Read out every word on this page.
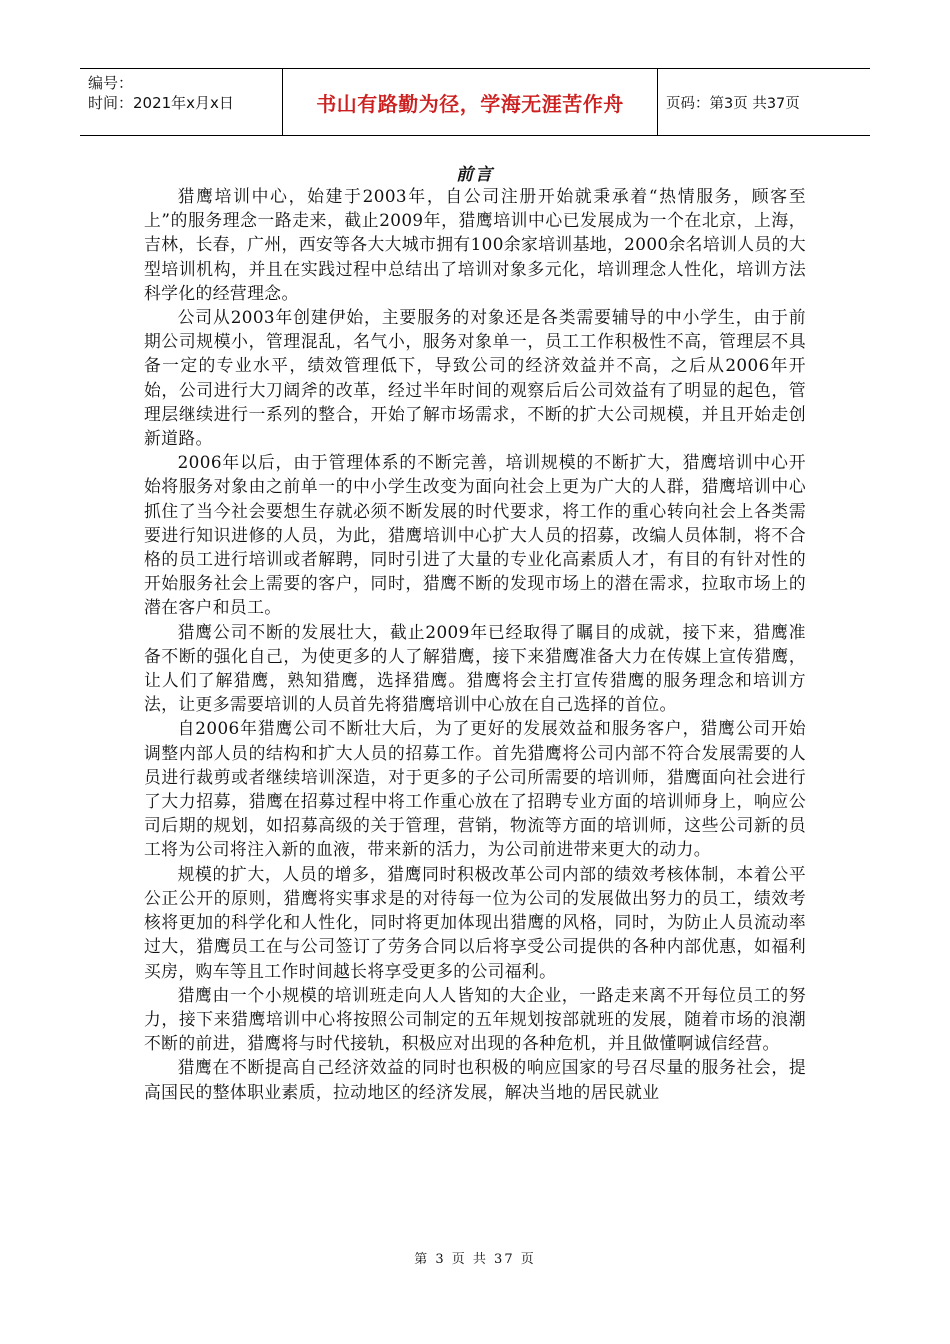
编号：
时间：2021年x月x日	书山有路勤为径，学海无涯苦作舟	页码：第3页 共37页
前言

猎鹰培训中心，始建于2003年，自公司注册开始就秉承着“热情服务，顾客至上”的服务理念一路走来，截止2009年，猎鹰培训中心已发展成为一个在北京，上海，吉林，长春，广州，西安等各大大城市拥有100余家培训基地，2000余名培训人员的大型培训机构，并且在实践过程中总结出了培训对象多元化，培训理念人性化，培训方法科学化的经营理念。

公司从2003年创建伊始，主要服务的对象还是各类需要辅导的中小学生，由于前期公司规模小，管理混乱，名气小，服务对象单一，员工工作积极性不高，管理层不具备一定的专业水平，绩效管理低下，导致公司的经济效益并不高，之后从2006年开始，公司进行大刀阔斧的改革，经过半年时间的观察后后公司效益有了明显的起色，管理层继续进行一系列的整合，开始了解市场需求，不断的扩大公司规模，并且开始走创新道路。

2006年以后，由于管理体系的不断完善，培训规模的不断扩大，猎鹰培训中心开始将服务对象由之前单一的中小学生改变为面向社会上更为广大的人群，猎鹰培训中心抓住了当今社会要想生存就必须不断发展的时代要求，将工作的重心转向社会上各类需要进行知识进修的人员，为此，猎鹰培训中心扩大人员的招募，改编人员体制，将不合格的员工进行培训或者解聘，同时引进了大量的专业化高素质人才，有目的有针对性的开始服务社会上需要的客户，同时，猎鹰不断的发现市场上的潜在需求，拉取市场上的潜在客户和员工。

猎鹰公司不断的发展壮大，截止2009年已经取得了瞩目的成就，接下来，猎鹰准备不断的强化自己，为使更多的人了解猎鹰，接下来猎鹰准备大力在传媒上宣传猎鹰，让人们了解猎鹰，熟知猎鹰，选择猎鹰。猎鹰将会主打宣传猎鹰的服务理念和培训方法，让更多需要培训的人员首先将猎鹰培训中心放在自己选择的首位。

自2006年猎鹰公司不断壮大后，为了更好的发展效益和服务客户，猎鹰公司开始调整内部人员的结构和扩大人员的招募工作。首先猎鹰将公司内部不符合发展需要的人员进行裁剪或者继续培训深造，对于更多的子公司所需要的培训师，猎鹰面向社会进行了大力招募，猎鹰在招募过程中将工作重心放在了招聘专业方面的培训师身上，响应公司后期的规划，如招募高级的关于管理，营销，物流等方面的培训师，这些公司新的员工将为公司将注入新的血液，带来新的活力，为公司前进带来更大的动力。

规模的扩大，人员的增多，猎鹰同时积极改革公司内部的绩效考核体制，本着公平公正公开的原则，猎鹰将实事求是的对待每一位为公司的发展做出努力的员工，绩效考核将更加的科学化和人性化，同时将更加体现出猎鹰的风格，同时，为防止人员流动率过大，猎鹰员工在与公司签订了劳务合同以后将享受公司提供的各种内部优惠，如福利买房，购车等且工作时间越长将享受更多的公司福利。

猎鹰由一个小规模的培训班走向人人皆知的大企业，一路走来离不开每位员工的努力，接下来猎鹰培训中心将按照公司制定的五年规划按部就班的发展，随着市场的浪潮不断的前进，猎鹰将与时代接轨，积极应对出现的各种危机，并且做懂啊诚信经营。

猎鹰在不断提高自己经济效益的同时也积极的响应国家的号召尽量的服务社会，提高国民的整体职业素质，拉动地区的经济发展，解决当地的居民就业

第 3 页 共 37 页
